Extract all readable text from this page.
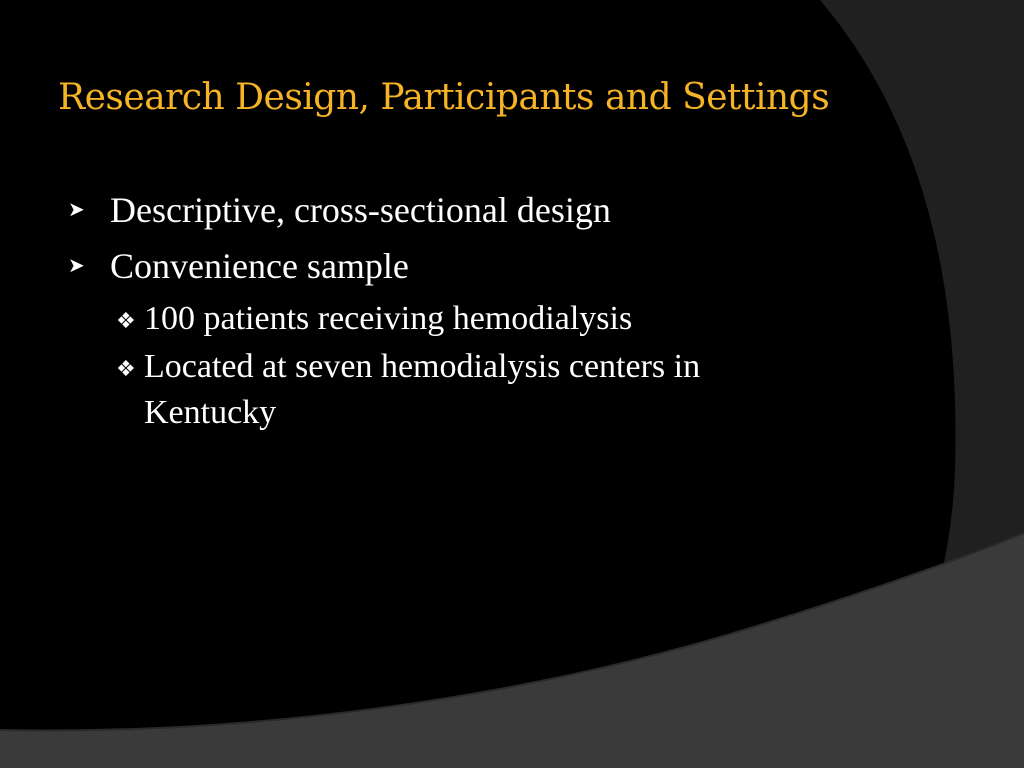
Research Design, Participants and Settings
➤ Descriptive, cross-sectional design
➤ Convenience sample
❖ 100 patients receiving hemodialysis
❖ Located at seven hemodialysis centers in Kentucky
